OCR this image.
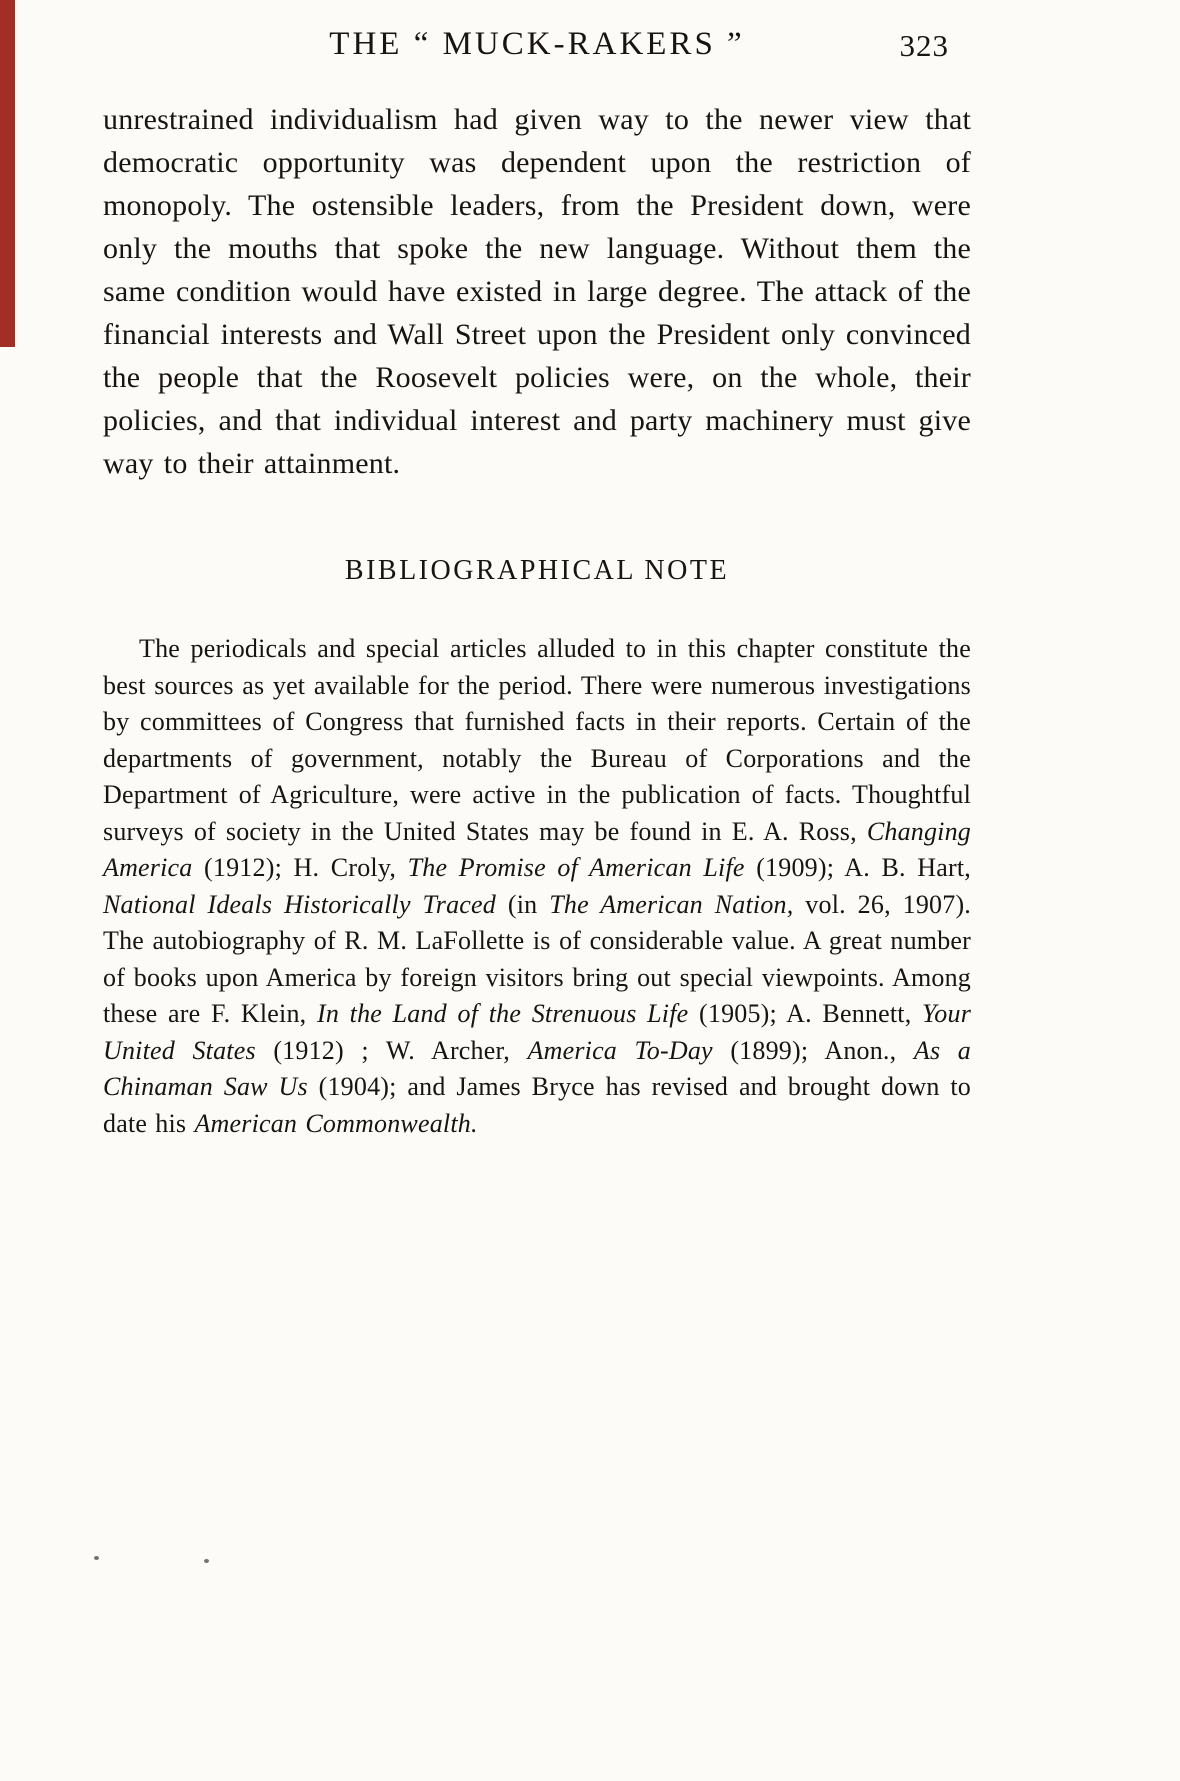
THE “ MUCK-RAKERS ”	323

unrestrained individualism had given way to the newer view that democratic opportunity was dependent upon the restriction of monopoly. The ostensible leaders, from the President down, were only the mouths that spoke the new language. Without them the same condition would have existed in large degree. The attack of the financial interests and Wall Street upon the President only convinced the people that the Roosevelt policies were, on the whole, their policies, and that individual interest and party machinery must give way to their attainment.

BIBLIOGRAPHICAL NOTE

The periodicals and special articles alluded to in this chapter constitute the best sources as yet available for the period. There were numerous investigations by committees of Congress that furnished facts in their reports. Certain of the departments of government, notably the Bureau of Corporations and the Department of Agriculture, were active in the publication of facts. Thoughtful surveys of society in the United States may be found in E. A. Ross, Changing America (1912); H. Croly, The Promise of American Life (1909); A. B. Hart, National Ideals Historically Traced (in The American Nation, vol. 26, 1907). The autobiography of R. M. LaFollette is of considerable value. A great number of books upon America by foreign visitors bring out special viewpoints. Among these are F. Klein, In the Land of the Strenuous Life (1905); A. Bennett, Your United States (1912) ; W. Archer, America To-Day (1899); Anon., As a Chinaman Saw Us (1904); and James Bryce has revised and brought down to date his American Commonwealth.
